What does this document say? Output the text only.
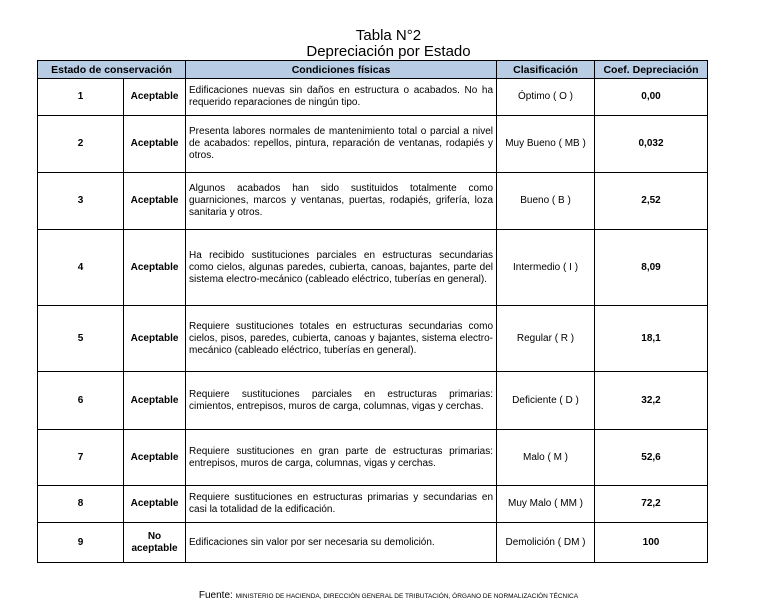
Tabla N°2
Depreciación por Estado
Estado de conservación		Condiciones físicas	Clasificación	Coef. Depreciación
1	Aceptable	Edificaciones nuevas sin daños en estructura o acabados. No ha requerido reparaciones de ningún tipo.	Óptimo ( O )	0,00
2	Aceptable	Presenta labores normales de mantenimiento total o parcial a nivel de acabados: repellos, pintura, reparación de ventanas, rodapiés y otros.	Muy Bueno ( MB )	0,032
3	Aceptable	Algunos acabados han sido sustituidos totalmente como guarniciones, marcos y ventanas, puertas, rodapiés, grifería, loza sanitaria y otros.	Bueno ( B )	2,52
4	Aceptable	Ha recibido sustituciones parciales en estructuras secundarias como cielos, algunas paredes, cubierta, canoas, bajantes, parte del sistema electro-mecánico (cableado eléctrico, tuberías en general).	Intermedio ( I )	8,09
5	Aceptable	Requiere sustituciones totales en estructuras secundarias como cielos, pisos, paredes, cubierta, canoas y bajantes, sistema electro-mecánico (cableado eléctrico, tuberías en general).	Regular ( R )	18,1
6	Aceptable	Requiere sustituciones parciales en estructuras primarias: cimientos, entrepisos, muros de carga, columnas, vigas y cerchas.	Deficiente ( D )	32,2
7	Aceptable	Requiere sustituciones en gran parte de estructuras primarias: entrepisos, muros de carga, columnas, vigas y cerchas.	Malo ( M )	52,6
8	Aceptable	Requiere sustituciones en estructuras primarias y secundarias en casi la totalidad de la edificación.	Muy Malo ( MM )	72,2
9	No aceptable	Edificaciones sin valor por ser necesaria su demolición.	Demolición ( DM )	100
Fuente: MINISTERIO DE HACIENDA, DIRECCIÓN GENERAL DE TRIBUTACIÓN, ÓRGANO DE NORMALIZACIÓN TÉCNICA
